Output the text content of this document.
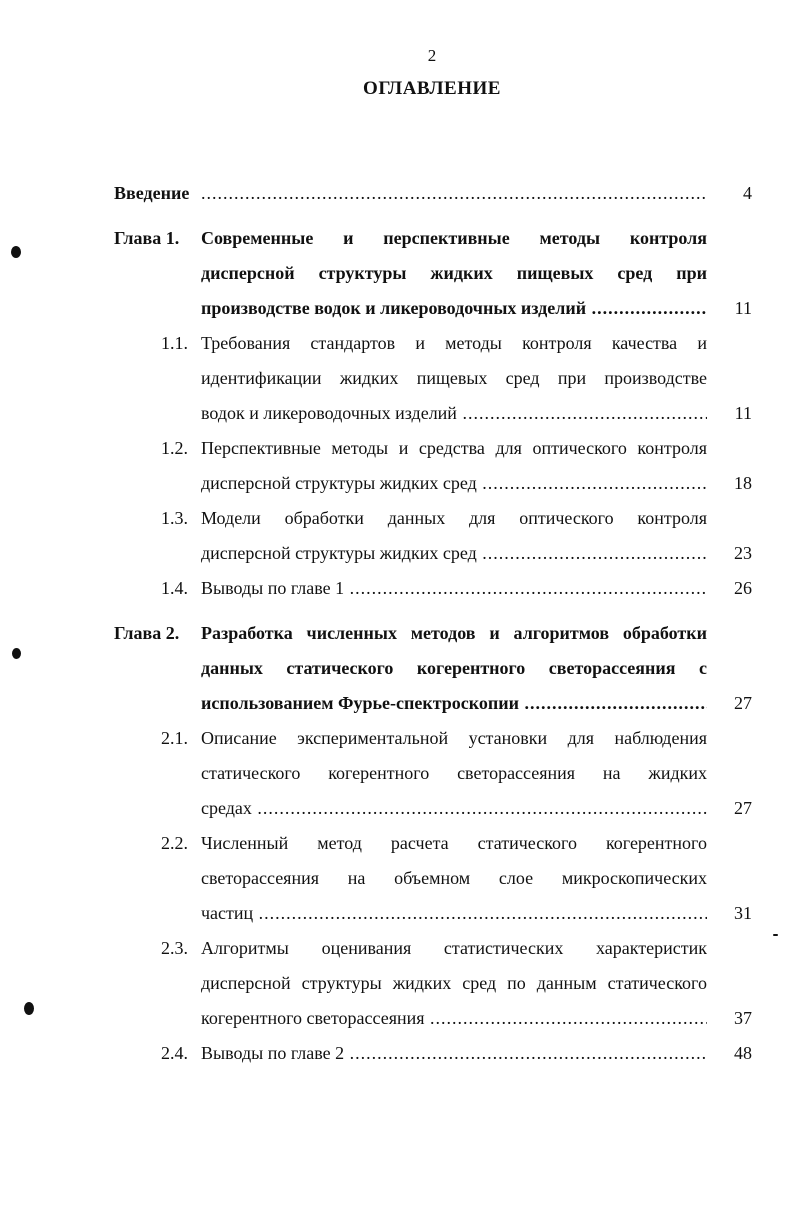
2
ОГЛАВЛЕНИЕ
Введение .....	4
Глава 1. Современные и перспективные методы контроля
дисперсной структуры жидких пищевых сред при
производстве водок и ликероводочных изделий .....	11
1.1. Требования стандартов и методы контроля качества и
идентификации жидких пищевых сред при производстве
водок и ликероводочных изделий .....	11
1.2. Перспективные методы и средства для оптического контроля
дисперсной структуры жидких сред .....	18
1.3. Модели обработки данных для оптического контроля
дисперсной структуры жидких сред .....	23
1.4. Выводы по главе 1 .....	26
Глава 2. Разработка численных методов и алгоритмов обработки
данных статического когерентного светорассеяния с
использованием Фурье-спектроскопии .....	27
2.1. Описание экспериментальной установки для наблюдения
статического когерентного светорассеяния на жидких
средах .....	27
2.2. Численный метод расчета статического когерентного
светорассеяния на объемном слое микроскопических
частиц .....	31
2.3. Алгоритмы оценивания статистических характеристик
дисперсной структуры жидких сред по данным статического
когерентного светорассеяния .....	37
2.4. Выводы по главе 2 .....	48
